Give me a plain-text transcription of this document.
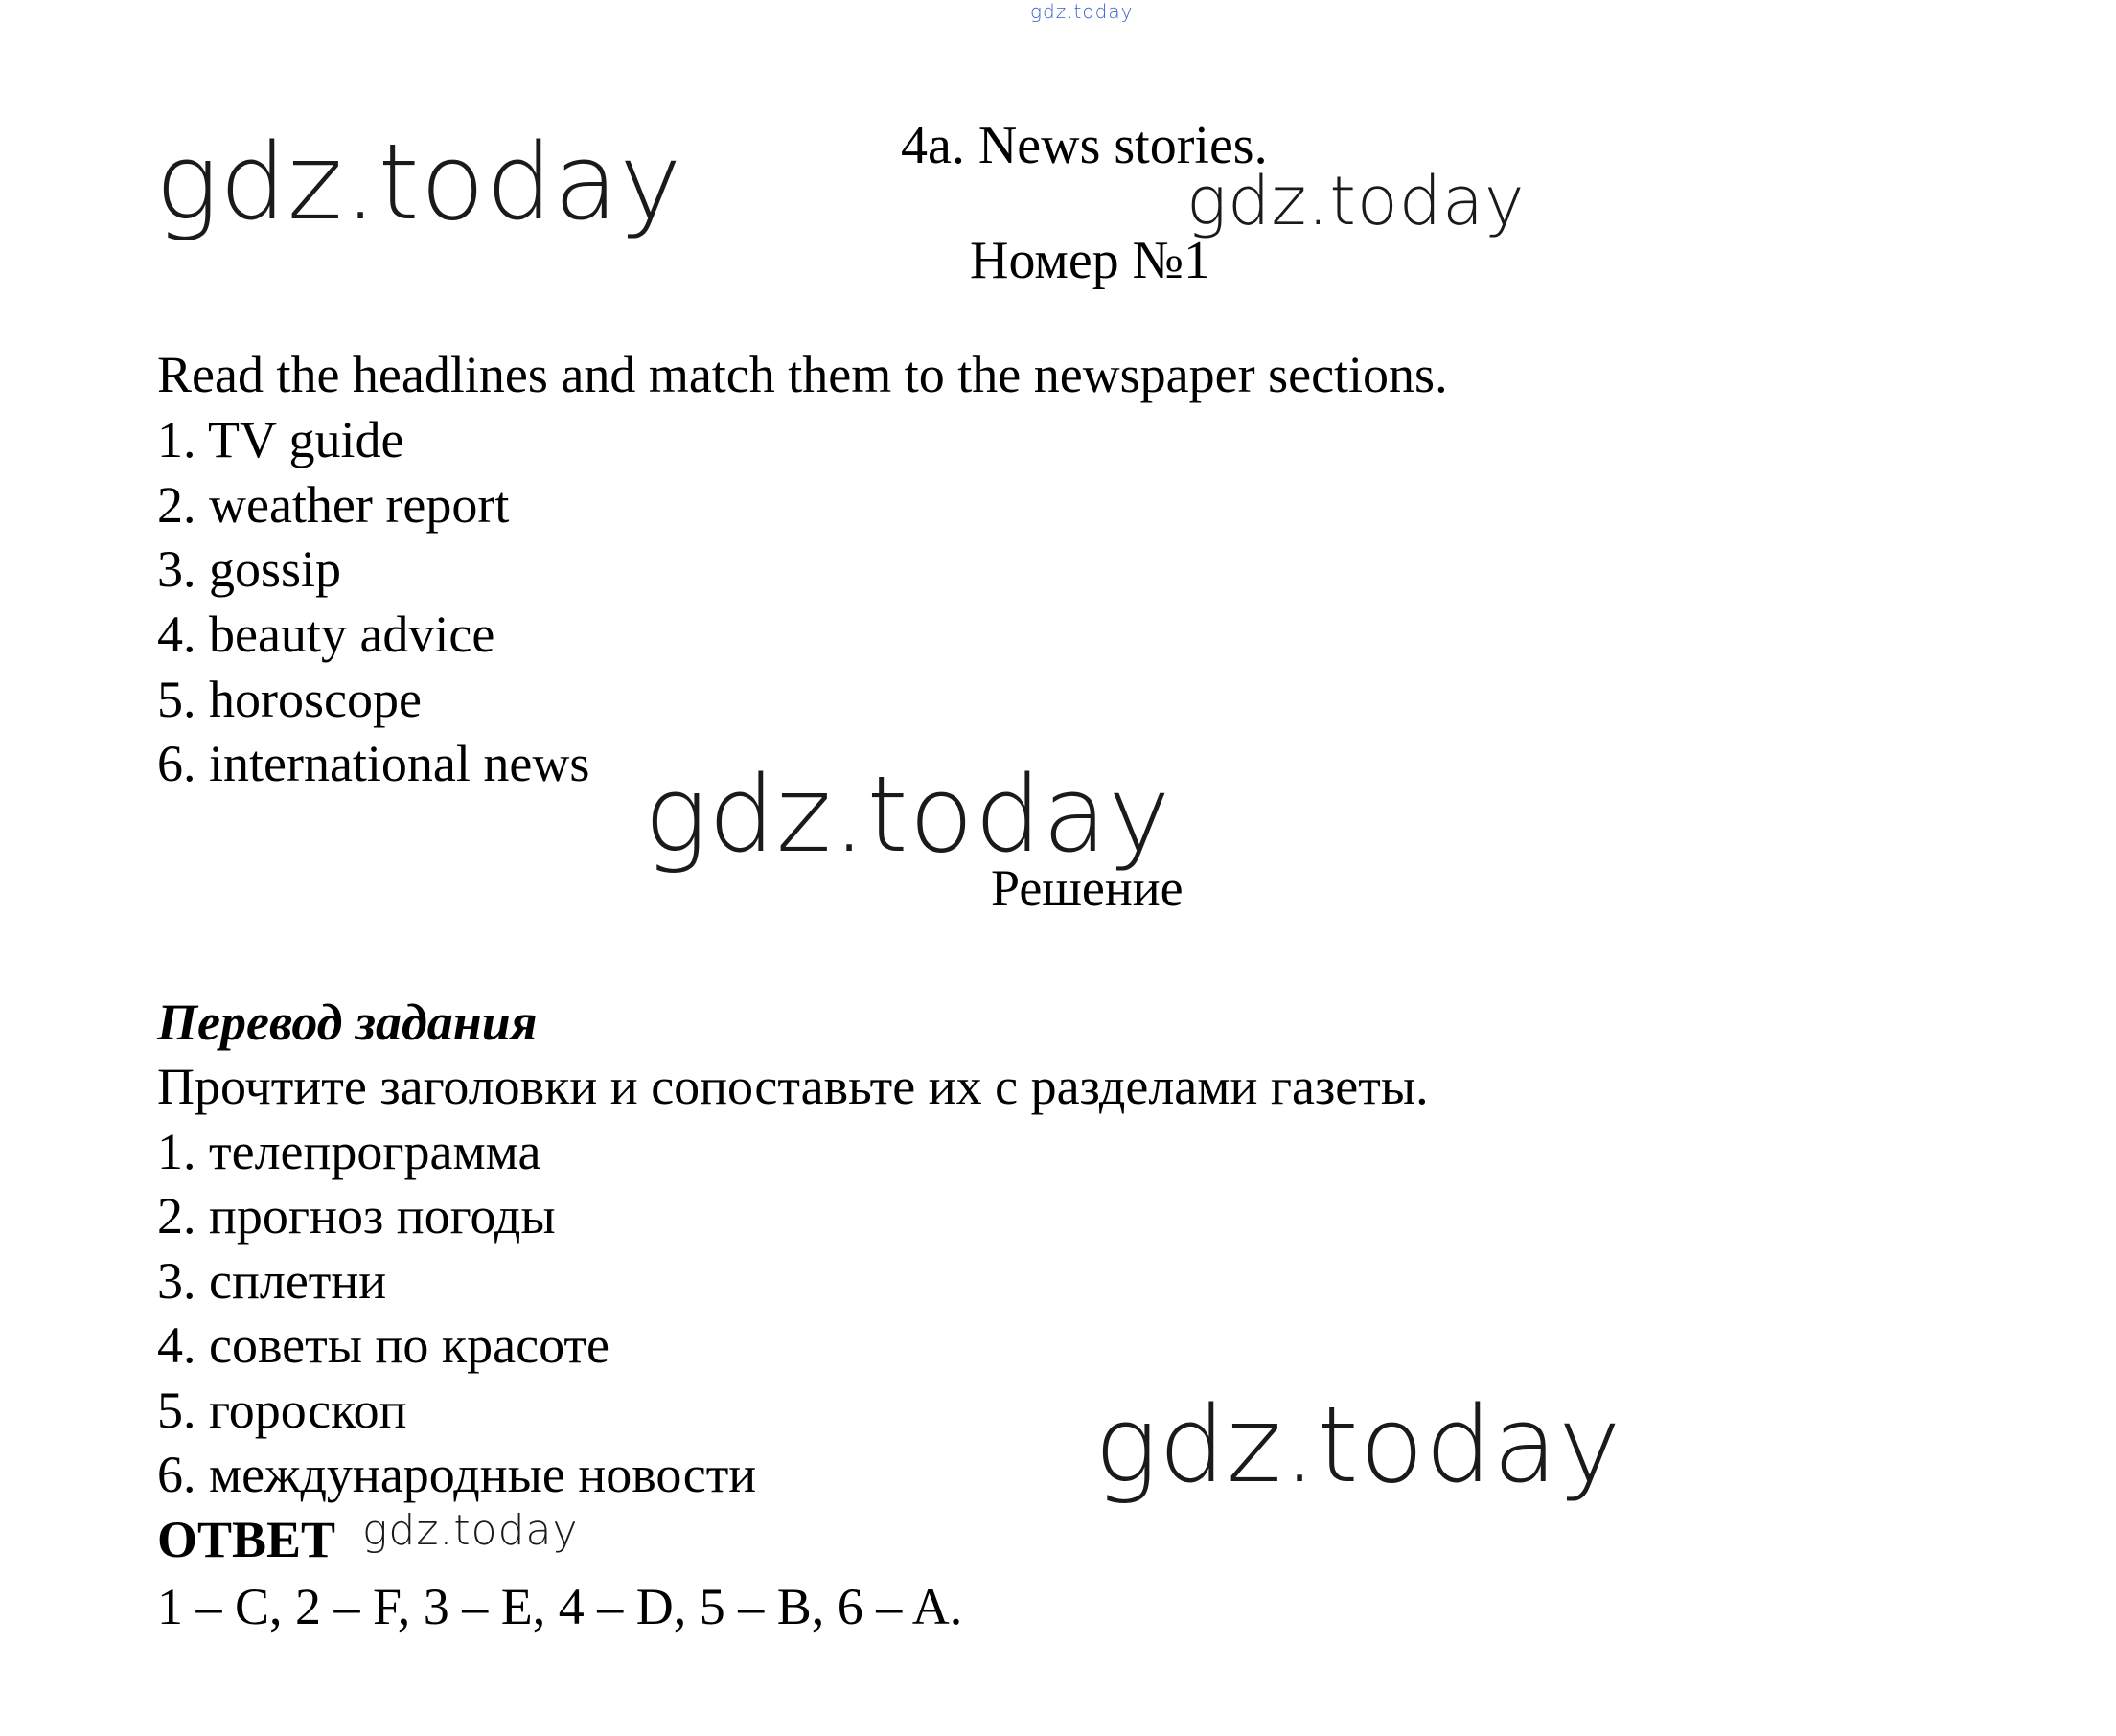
gdz.today
gdz.today	4a. News stories.
gdz.today
Номер №1
Read the headlines and match them to the newspaper sections.
1. TV guide
2. weather report
3. gossip
4. beauty advice
5. horoscope
6. international news gdz.today
Решение
Перевод задания
Прочтите заголовки и сопоставьте их с разделами газеты.
1. телепрограмма
2. прогноз погоды
3. сплетни
4. советы по красоте
5. гороскоп
6. международные новости	gdz.today
ОТВЕТ gdz.today
1 – C, 2 – F, 3 – E, 4 – D, 5 – B, 6 – A.
